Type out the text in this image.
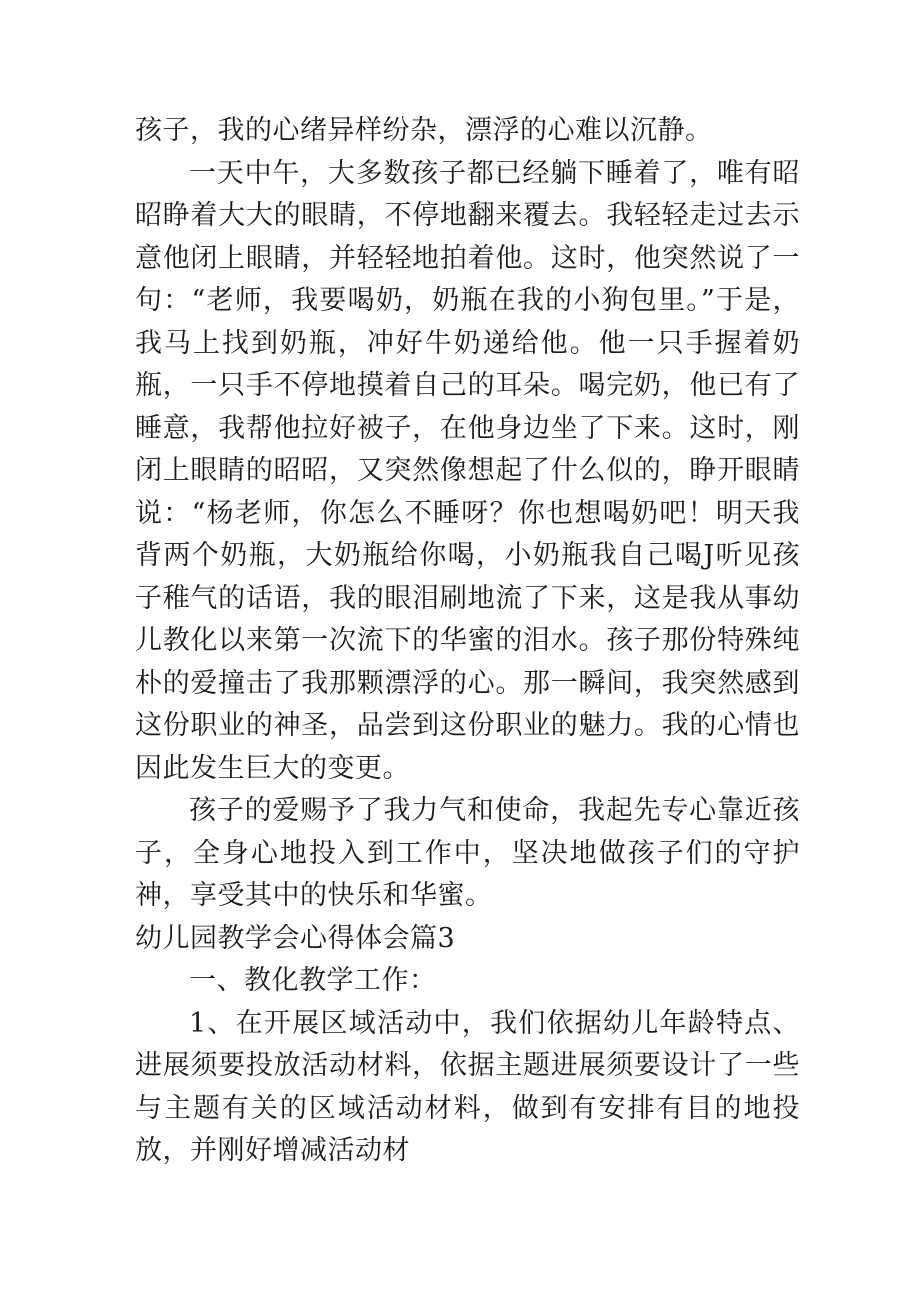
孩子，我的心绪异样纷杂，漂浮的心难以沉静。

一天中午，大多数孩子都已经躺下睡着了，唯有昭昭睁着大大的眼睛，不停地翻来覆去。我轻轻走过去示意他闭上眼睛，并轻轻地拍着他。这时，他突然说了一句：“老师，我要喝奶，奶瓶在我的小狗包里。”于是，我马上找到奶瓶，冲好牛奶递给他。他一只手握着奶瓶，一只手不停地摸着自己的耳朵。喝完奶，他已有了睡意，我帮他拉好被子，在他身边坐了下来。这时，刚闭上眼睛的昭昭，又突然像想起了什么似的，睁开眼睛说：“杨老师，你怎么不睡呀？你也想喝奶吧！明天我背两个奶瓶，大奶瓶给你喝，小奶瓶我自己喝J听见孩子稚气的话语，我的眼泪刷地流了下来，这是我从事幼儿教化以来第一次流下的华蜜的泪水。孩子那份特殊纯朴的爱撞击了我那颗漂浮的心。那一瞬间，我突然感到这份职业的神圣，品尝到这份职业的魅力。我的心情也因此发生巨大的变更。

孩子的爱赐予了我力气和使命，我起先专心靠近孩子，全身心地投入到工作中，坚决地做孩子们的守护神，享受其中的快乐和华蜜。

幼儿园教学会心得体会篇3

一、教化教学工作：

1、在开展区域活动中，我们依据幼儿年龄特点、进展须要投放活动材料，依据主题进展须要设计了一些与主题有关的区域活动材料，做到有安排有目的地投放，并刚好增减活动材
